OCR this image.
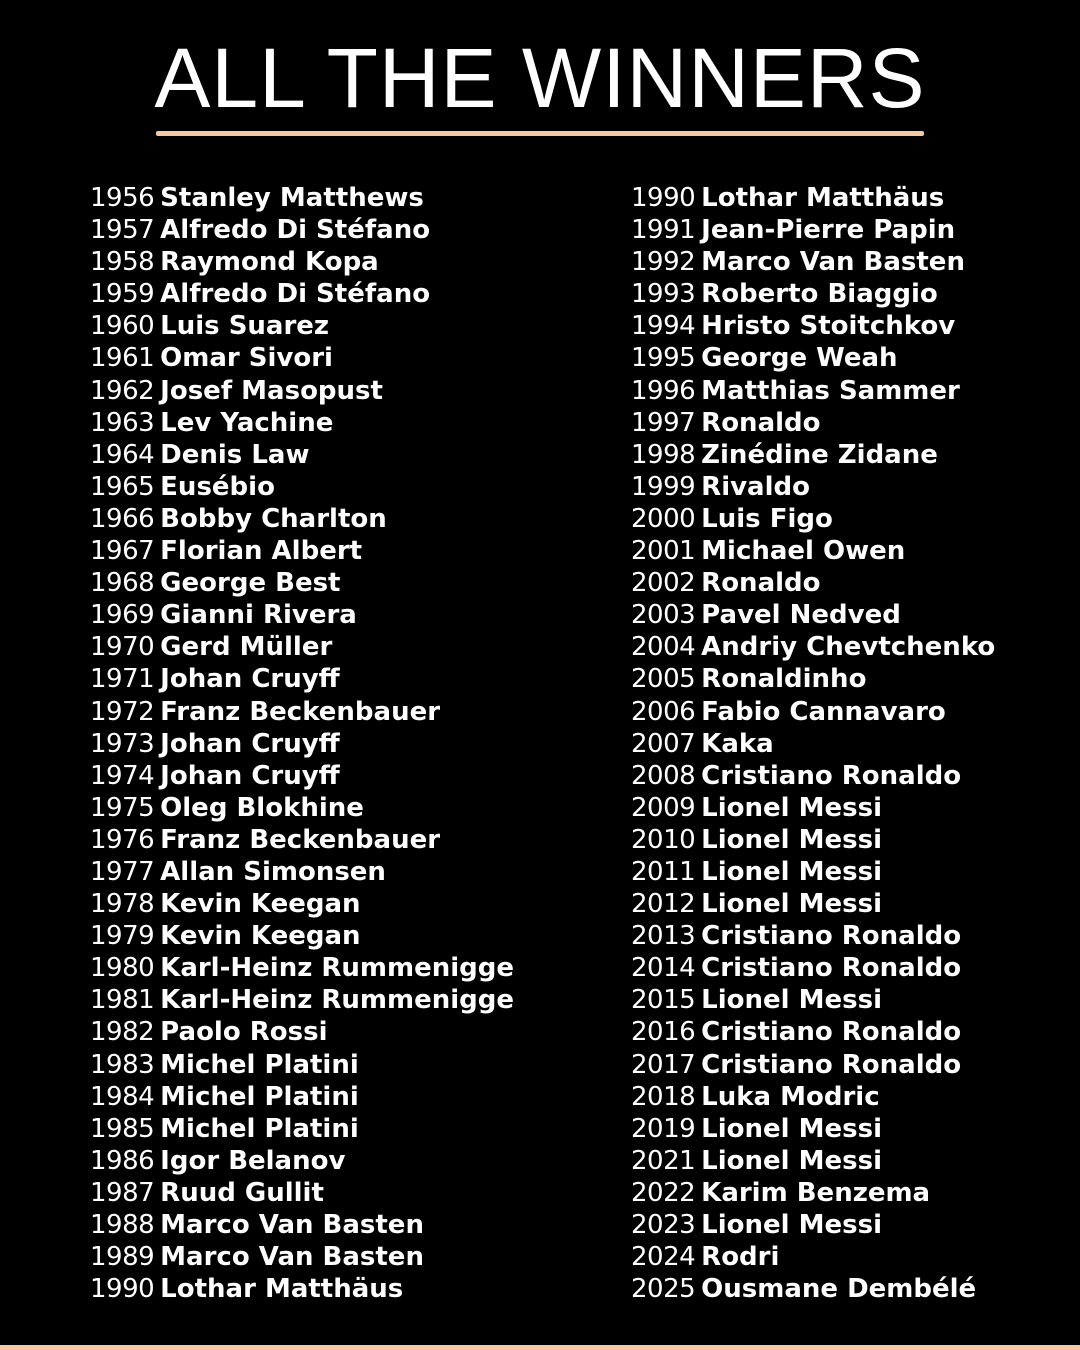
ALL THE WINNERS
1956 Stanley Matthews
1957 Alfredo Di Stéfano
1958 Raymond Kopa
1959 Alfredo Di Stéfano
1960 Luis Suarez
1961 Omar Sivori
1962 Josef Masopust
1963 Lev Yachine
1964 Denis Law
1965 Eusébio
1966 Bobby Charlton
1967 Florian Albert
1968 George Best
1969 Gianni Rivera
1970 Gerd Müller
1971 Johan Cruyff
1972 Franz Beckenbauer
1973 Johan Cruyff
1974 Johan Cruyff
1975 Oleg Blokhine
1976 Franz Beckenbauer
1977 Allan Simonsen
1978 Kevin Keegan
1979 Kevin Keegan
1980 Karl-Heinz Rummenigge
1981 Karl-Heinz Rummenigge
1982 Paolo Rossi
1983 Michel Platini
1984 Michel Platini
1985 Michel Platini
1986 Igor Belanov
1987 Ruud Gullit
1988 Marco Van Basten
1989 Marco Van Basten
1990 Lothar Matthäus
1990 Lothar Matthäus
1991 Jean-Pierre Papin
1992 Marco Van Basten
1993 Roberto Biaggio
1994 Hristo Stoitchkov
1995 George Weah
1996 Matthias Sammer
1997 Ronaldo
1998 Zinédine Zidane
1999 Rivaldo
2000 Luis Figo
2001 Michael Owen
2002 Ronaldo
2003 Pavel Nedved
2004 Andriy Chevtchenko
2005 Ronaldinho
2006 Fabio Cannavaro
2007 Kaka
2008 Cristiano Ronaldo
2009 Lionel Messi
2010 Lionel Messi
2011 Lionel Messi
2012 Lionel Messi
2013 Cristiano Ronaldo
2014 Cristiano Ronaldo
2015 Lionel Messi
2016 Cristiano Ronaldo
2017 Cristiano Ronaldo
2018 Luka Modric
2019 Lionel Messi
2021 Lionel Messi
2022 Karim Benzema
2023 Lionel Messi
2024 Rodri
2025 Ousmane Dembélé
